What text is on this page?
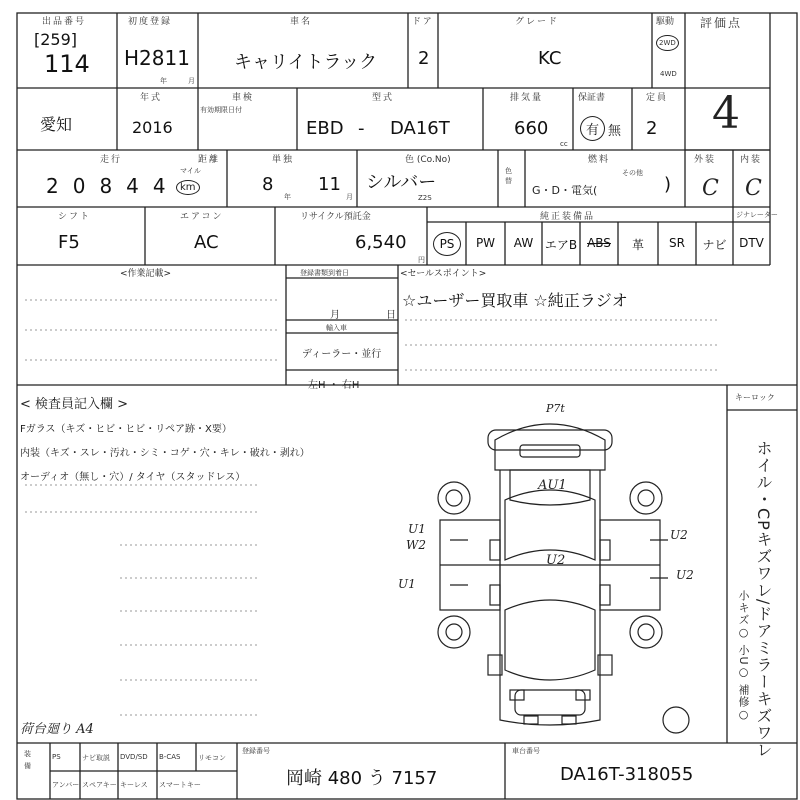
出品番号
[259]
114
初度登録
H2811
年	月
車名
キャリイトラック
ドア
2
グレード
KC
駆動
2WD
4WD
評価点
4
愛知
年式
2016
車検
有効期限日付
型式
EBD - DA16T
排気量
660
cc
保証書
有 無
定員
2
走行	距離
20844
マイル
km
単独
8
年
11
月
色 (Co.No)
シルバー
Z2S
色替
燃料
G・D・電気(
その他
)
外装
C
内装
C
シフト
F5
エアコン
AC
リサイクル預託金
6,540
円
純正装備品	ジナレーター
PS	PW	AW エアB ABS	革	SR	ナビ	DTV
<作業記載>	登録書類到着日
月	日
輸入車
ディーラー・並行
左H ・ 右H
<セールスポイント>
☆ユーザー買取車 ☆純正ラジオ
< 検査員記入欄 >
Fガラス（キズ・ヒビ・ヒビ・リペア跡・X要）
内装（キズ・スレ・汚れ・シミ・コゲ・穴・キレ・破れ・剥れ）
オーディオ（無し・穴）/ タイヤ（スタッドレス）
荷台廻り A4
キーロック
ホイル・CPキズワレ/ドアミラーキズワレ
小キズ○ 小U○ 補修○
P7t
AU1
U1
W2
U1
U2
U2
U2
装備
PS	ナビ取説 DVD/SD B-CAS	リモコン
アンバー スペアキー キーレス スマートキー
登録番号
岡崎 480 う 7157
車台番号
DA16T-318055
